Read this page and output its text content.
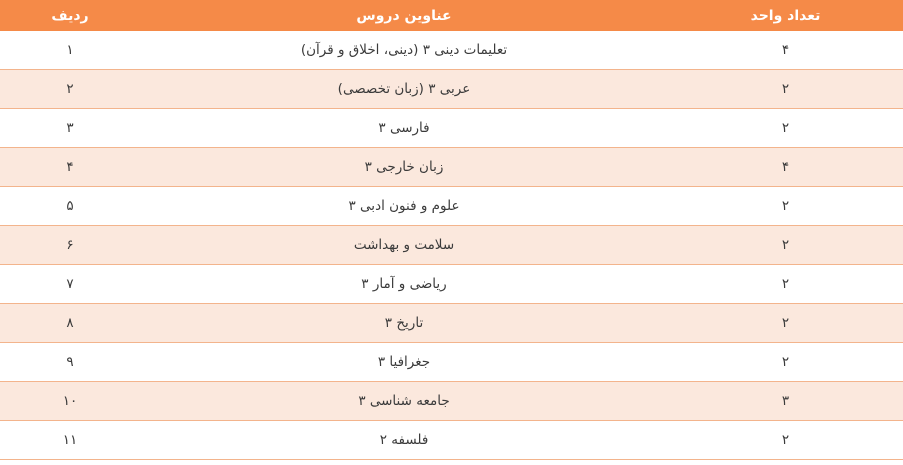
تعداد واحد	عناوین دروس	ردیف
۴	تعلیمات دینی ۳ (دینی، اخلاق و قرآن)	۱
۲	عربی ۳ (زبان تخصصی)	۲
۲	فارسی ۳	۳
۴	زبان خارجی ۳	۴
۲	علوم و فنون ادبی ۳	۵
۲	سلامت و بهداشت	۶
۲	ریاضی و آمار ۳	۷
۲	تاریخ ۳	۸
۲	جغرافیا ۳	۹
۳	جامعه شناسی ۳	۱۰
۲	فلسفه ۲	۱۱
